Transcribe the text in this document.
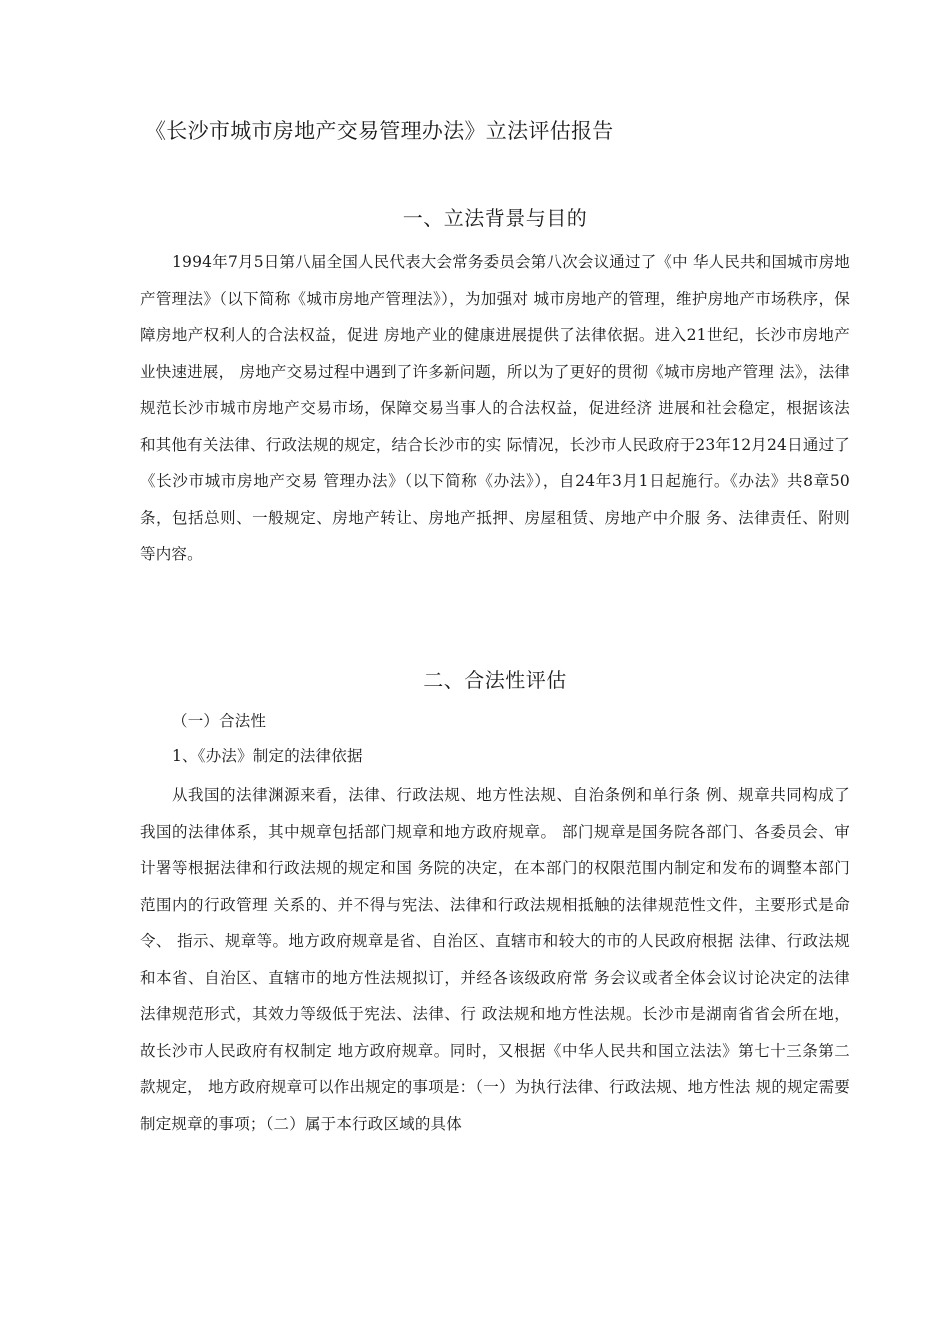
《长沙市城市房地产交易管理办法》立法评估报告
一、立法背景与目的

1994年7月5日第八届全国人民代表大会常务委员会第八次会议通过了《中 华人民共和国城市房地产管理法》（以下简称《城市房地产管理法》），为加强对 城市房地产的管理，维护房地产市场秩序，保障房地产权利人的合法权益，促进 房地产业的健康进展提供了法律依据。进入21世纪，长沙市房地产业快速进展， 房地产交易过程中遇到了许多新问题，所以为了更好的贯彻《城市房地产管理 法》，法律规范长沙市城市房地产交易市场，保障交易当事人的合法权益，促进经济 进展和社会稳定，根据该法和其他有关法律、行政法规的规定，结合长沙市的实 际情况，长沙市人民政府于23年12月24日通过了《长沙市城市房地产交易 管理办法》（以下简称《办法》），自24年3月1日起施行。《办法》共8章50 条，包括总则、一般规定、房地产转让、房地产抵押、房屋租赁、房地产中介服 务、法律责任、附则等内容。

二、合法性评估
（一）合法性
1、《办法》制定的法律依据

从我国的法律渊源来看，法律、行政法规、地方性法规、自治条例和单行条 例、规章共同构成了我国的法律体系，其中规章包括部门规章和地方政府规章。 部门规章是国务院各部门、各委员会、审计署等根据法律和行政法规的规定和国 务院的决定，在本部门的权限范围内制定和发布的调整本部门范围内的行政管理 关系的、并不得与宪法、法律和行政法规相抵触的法律规范性文件，主要形式是命令、 指示、规章等。地方政府规章是省、自治区、直辖市和较大的市的人民政府根据 法律、行政法规和本省、自治区、直辖市的地方性法规拟订，并经各该级政府常 务会议或者全体会议讨论决定的法律法律规范形式，其效力等级低于宪法、法律、行 政法规和地方性法规。长沙市是湖南省省会所在地，故长沙市人民政府有权制定 地方政府规章。同时，又根据《中华人民共和国立法法》第七十三条第二款规定， 地方政府规章可以作出规定的事项是：（一）为执行法律、行政法规、地方性法 规的规定需要制定规章的事项；（二）属于本行政区域的具体
